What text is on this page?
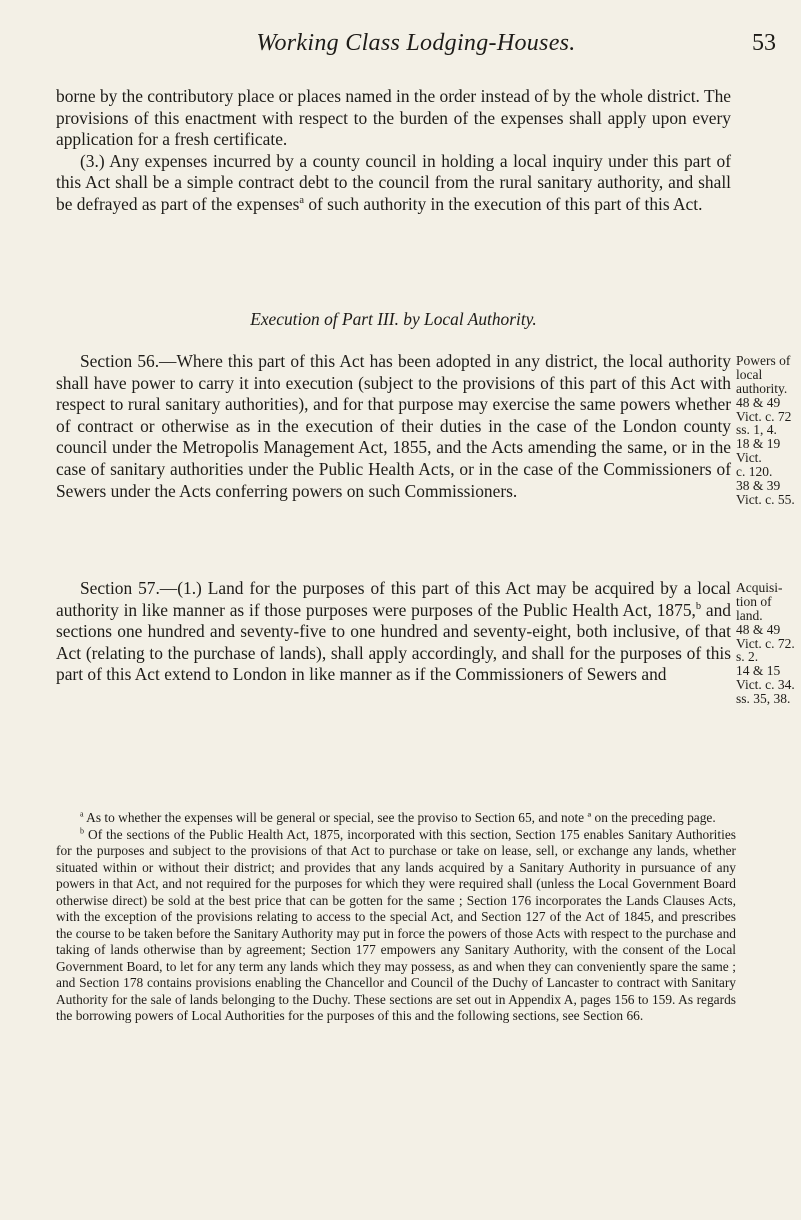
Working Class Lodging-Houses.	53

borne by the contributory place or places named in the order instead of by the whole district. The provisions of this enactment with respect to the burden of the expenses shall apply upon every application for a fresh certificate.

(3.) Any expenses incurred by a county council in holding a local inquiry under this part of this Act shall be a simple contract debt to the council from the rural sanitary authority, and shall be defrayed as part of the expenses$^a$ of such authority in the execution of this part of this Act.

Execution of Part III. by Local Authority.

Section 56.—Where this part of this Act has been adopted in any district, the local authority shall have power to carry it into execution (subject to the provisions of this part of this Act with respect to rural sanitary authorities), and for that purpose may exercise the same powers whether of contract or otherwise as in the execution of their duties in the case of the London county council under the Metropolis Management Act, 1855, and the Acts amending the same, or in the case of sanitary authorities under the Public Health Acts, or in the case of the Commissioners of Sewers under the Acts conferring powers on such Commissioners.

Section 57.—(1.) Land for the purposes of this part of this Act may be acquired by a local authority in like manner as if those purposes were purposes of the Public Health Act, 1875,$^b$ and sections one hundred and seventy-five to one hundred and seventy-eight, both inclusive, of that Act (relating to the purchase of lands), shall apply accordingly, and shall for the purposes of this part of this Act extend to London in like manner as if the Commissioners of Sewers and

Powers of
local
authority.
48 & 49
Vict. c. 72
ss. 1, 4.
18 & 19
Vict.
c. 120.
38 & 39
Vict. c. 55.
Acquisi-
tion of
land.
48 & 49
Vict. c. 72.
s. 2.
14 & 15
Vict. c. 34.
ss. 35, 38.

$^a$ As to whether the expenses will be general or special, see the proviso to Section 65, and note ª on the preceding page.

$^b$ Of the sections of the Public Health Act, 1875, incorporated with this section, Section 175 enables Sanitary Authorities for the purposes and subject to the provisions of that Act to purchase or take on lease, sell, or exchange any lands, whether situated within or without their district; and provides that any lands acquired by a Sanitary Authority in pursuance of any powers in that Act, and not required for the purposes for which they were required shall (unless the Local Government Board otherwise direct) be sold at the best price that can be gotten for the same ; Section 176 incorporates the Lands Clauses Acts, with the exception of the provisions relating to access to the special Act, and Section 127 of the Act of 1845, and prescribes the course to be taken before the Sanitary Authority may put in force the powers of those Acts with respect to the purchase and taking of lands otherwise than by agreement; Section 177 empowers any Sanitary Authority, with the consent of the Local Government Board, to let for any term any lands which they may possess, as and when they can conveniently spare the same ; and Section 178 contains provisions enabling the Chancellor and Council of the Duchy of Lancaster to contract with Sanitary Authority for the sale of lands belonging to the Duchy. These sections are set out in Appendix A, pages 156 to 159. As regards the borrowing powers of Local Authorities for the purposes of this and the following sections, see Section 66.
